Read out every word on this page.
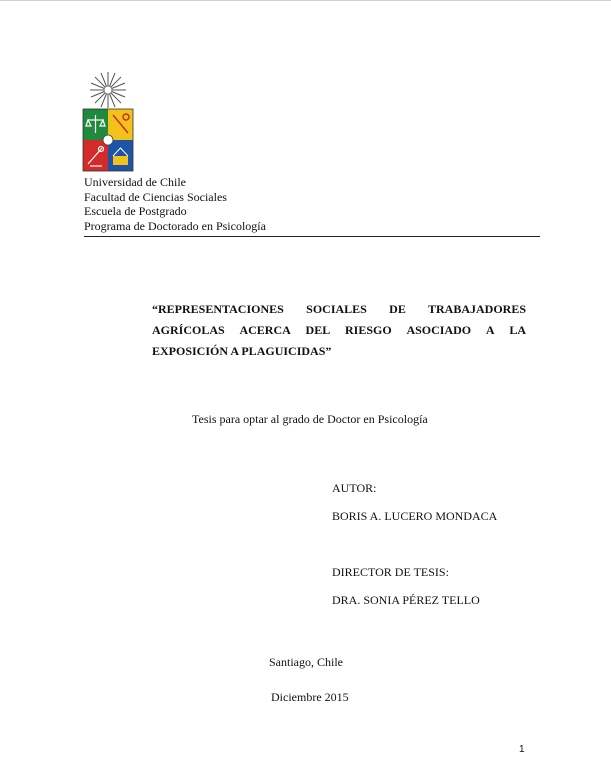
Universidad de Chile
Facultad de Ciencias Sociales
Escuela de Postgrado
Programa de Doctorado en Psicología
“REPRESENTACIONES SOCIALES DE TRABAJADORES AGRÍCOLAS ACERCA DEL RIESGO ASOCIADO A LA EXPOSICIÓN A PLAGUICIDAS”
Tesis para optar al grado de Doctor en Psicología
AUTOR:
BORIS A. LUCERO MONDACA
DIRECTOR DE TESIS:
DRA. SONIA PÉREZ TELLO
Santiago, Chile
Diciembre 2015
1
